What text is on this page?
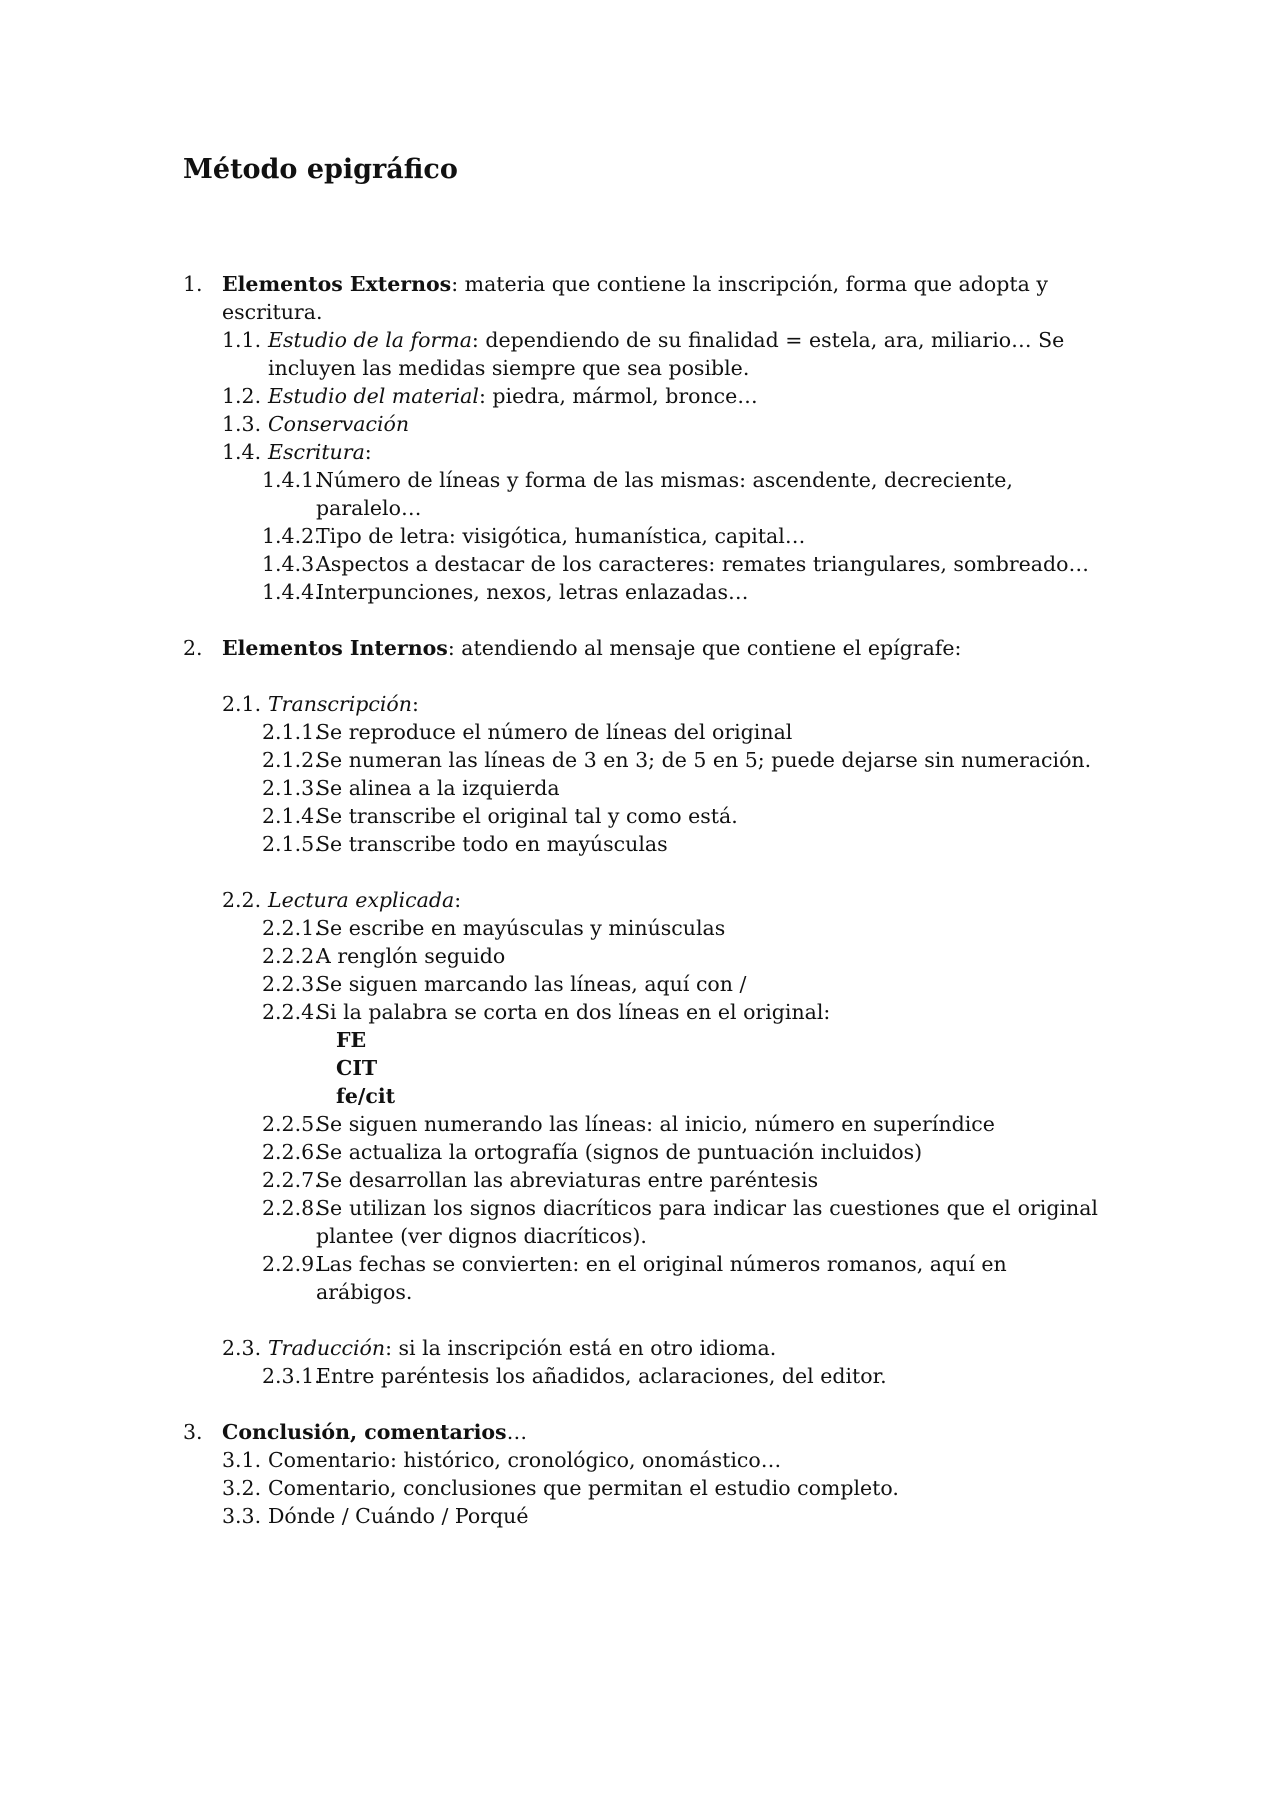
Método epigráfico
1. Elementos Externos: materia que contiene la inscripción, forma que adopta y escritura.
1.1. Estudio de la forma: dependiendo de su finalidad = estela, ara, miliario… Se incluyen las medidas siempre que sea posible.
1.2. Estudio del material: piedra, mármol, bronce…
1.3. Conservación
1.4. Escritura:
1.4.1.
Número de líneas y forma de las mismas: ascendente, decreciente, paralelo…
1.4.2.
Tipo de letra: visigótica, humanística, capital…
1.4.3.
Aspectos a destacar de los caracteres: remates triangulares, sombreado…
1.4.4.
Interpunciones, nexos, letras enlazadas…
2. Elementos Internos: atendiendo al mensaje que contiene el epígrafe:
2.1. Transcripción:
2.1.1.
Se reproduce el número de líneas del original
2.1.2.
Se numeran las líneas de 3 en 3; de 5 en 5; puede dejarse sin numeración.
2.1.3.
Se alinea a la izquierda
2.1.4.
Se transcribe el original tal y como está.
2.1.5.
Se transcribe todo en mayúsculas
2.2. Lectura explicada:
2.2.1.
Se escribe en mayúsculas y minúsculas
2.2.2.
A renglón seguido
2.2.3.
Se siguen marcando las líneas, aquí con /
2.2.4.
Si la palabra se corta en dos líneas en el original:
FE
CIT
fe/cit
2.2.5.
Se siguen numerando las líneas: al inicio, número en superíndice
2.2.6.
Se actualiza la ortografía (signos de puntuación incluidos)
2.2.7.
Se desarrollan las abreviaturas entre paréntesis
2.2.8.
Se utilizan los signos diacríticos para indicar las cuestiones que el original plantee (ver dignos diacríticos).
2.2.9.
Las fechas se convierten: en el original números romanos, aquí en arábigos.
2.3. Traducción: si la inscripción está en otro idioma.
2.3.1.
Entre paréntesis los añadidos, aclaraciones, del editor.
3. Conclusión, comentarios…
3.1. Comentario: histórico, cronológico, onomástico…
3.2. Comentario, conclusiones que permitan el estudio completo.
3.3. Dónde / Cuándo / Porqué
